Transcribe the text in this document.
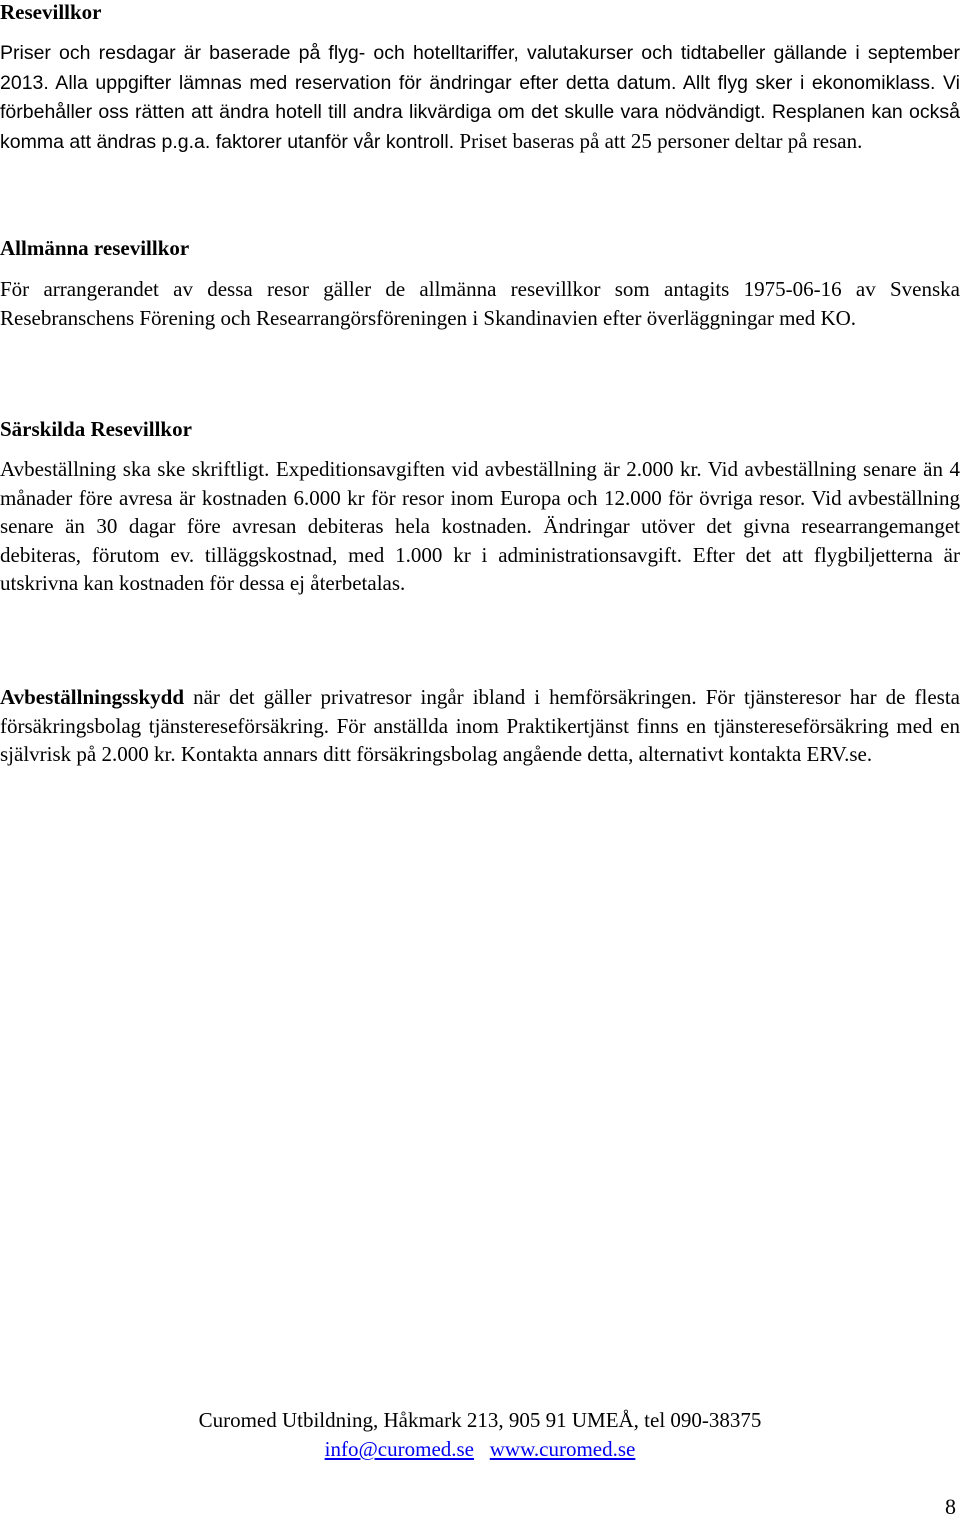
Resevillkor

Priser och resdagar är baserade på flyg- och hotelltariffer, valutakurser och tidtabeller gällande i september 2013. Alla uppgifter lämnas med reservation för ändringar efter detta datum. Allt flyg sker i ekonomiklass. Vi förbehåller oss rätten att ändra hotell till andra likvärdiga om det skulle vara nödvändigt. Resplanen kan också komma att ändras p.g.a. faktorer utanför vår kontroll. Priset baseras på att 25 personer deltar på resan.

Allmänna resevillkor

För arrangerandet av dessa resor gäller de allmänna resevillkor som antagits 1975-06-16 av Svenska Resebranschens Förening och Researrangörsföreningen i Skandinavien efter överläggningar med KO.

Särskilda Resevillkor

Avbeställning ska ske skriftligt. Expeditionsavgiften vid avbeställning är 2.000 kr. Vid avbeställning senare än 4 månader före avresa är kostnaden 6.000 kr för resor inom Europa och 12.000 för övriga resor. Vid avbeställning senare än 30 dagar före avresan debiteras hela kostnaden. Ändringar utöver det givna researrangemanget debiteras, förutom ev. tilläggskostnad, med 1.000 kr i administrationsavgift. Efter det att flygbiljetterna är utskrivna kan kostnaden för dessa ej återbetalas.

Avbeställningsskydd när det gäller privatresor ingår ibland i hemförsäkringen. För tjänsteresor har de flesta försäkringsbolag tjänstereseförsäkring. För anställda inom Praktikertjänst finns en tjänstereseförsäkring med en självrisk på 2.000 kr. Kontakta annars ditt försäkringsbolag angående detta, alternativt kontakta ERV.se.

Curomed Utbildning, Håkmark 213, 905 91 UMEÅ, tel 090-38375
info@curomed.se www.curomed.se
8
